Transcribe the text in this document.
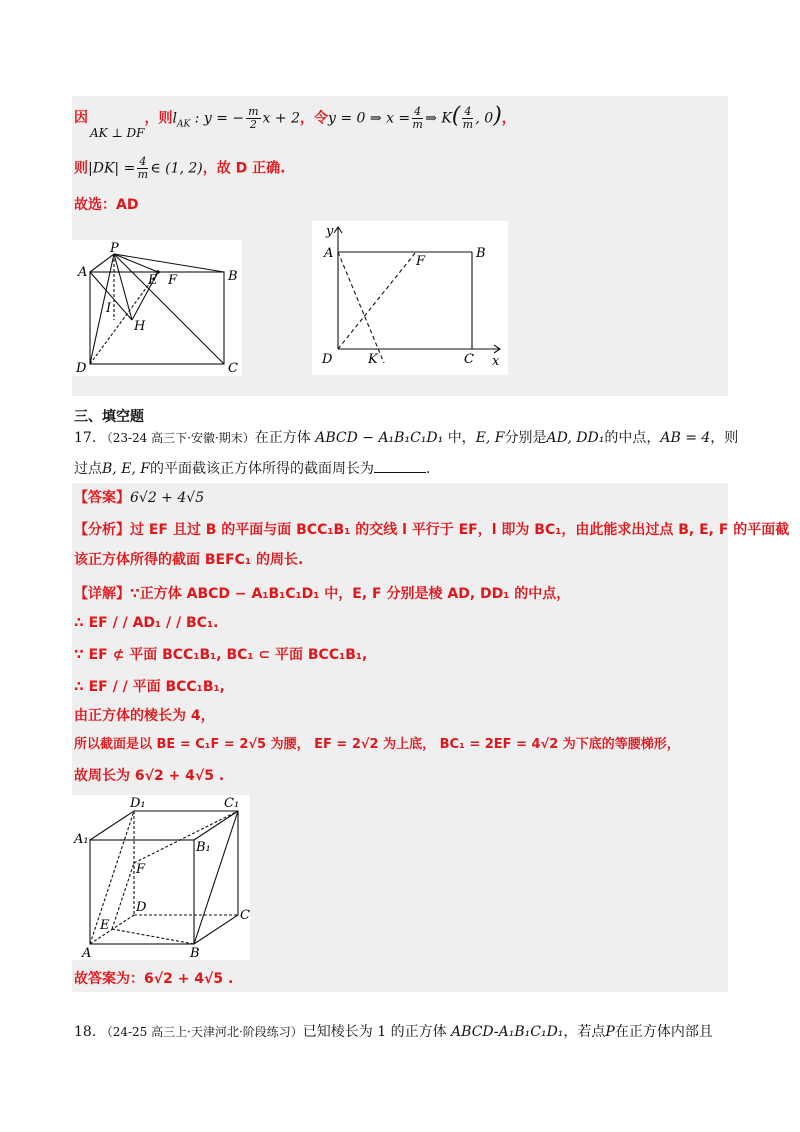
因
AK ⊥ DF，则$l_{AK}$ : y = − $\frac{m}{2}$ x + 2，令y = 0 ⇒ $x = \frac{4}{m}$ ⇒ $K( \frac{4}{m}$ , 0)，
则$|DK| = \frac{4}{m}$ ∈ (1, 2)，故 D 正确.
故选：AD
P
A	B
E F
I
H
D	C
y
A
F
B
D	K	C x
三、填空题
17. （23-24 高三下·安徽·期末）在正方体 ABCD − A₁B₁C₁D₁ 中，E, F分别是AD, DD₁的中点，AB = 4，则
过点B, E, F的平面截该正方体所得的截面周长为	.
【答案】6√2 + 4√5
【分析】过 EF 且过 B 的平面与面 BCC₁B₁ 的交线 l 平行于 EF，l 即为 BC₁，由此能求出过点 B, E, F 的平面截
该正方体所得的截面 BEFC₁ 的周长.
【详解】∵正方体 ABCD − A₁B₁C₁D₁ 中，E, F 分别是棱 AD, DD₁ 的中点，
∴ EF / / AD₁ / / BC₁.
∵ EF ⊄ 平面 BCC₁B₁, BC₁ ⊂ 平面 BCC₁B₁,
∴ EF / / 平面 BCC₁B₁,
由正方体的棱长为 4，
所以截面是以 BE = C₁F = 2√5 为腰， EF = 2√2 为上底， BC₁ = 2EF = 4√2 为下底的等腰梯形，
故周长为 6√2 + 4√5 .
D₁	C₁
A₁
B₁
F
D
C
E
A	B
故答案为：6√2 + 4√5 .
18. （24-25 高三上·天津河北·阶段练习）已知棱长为 1 的正方体 ABCD-A₁B₁C₁D₁，若点P在正方体内部且
